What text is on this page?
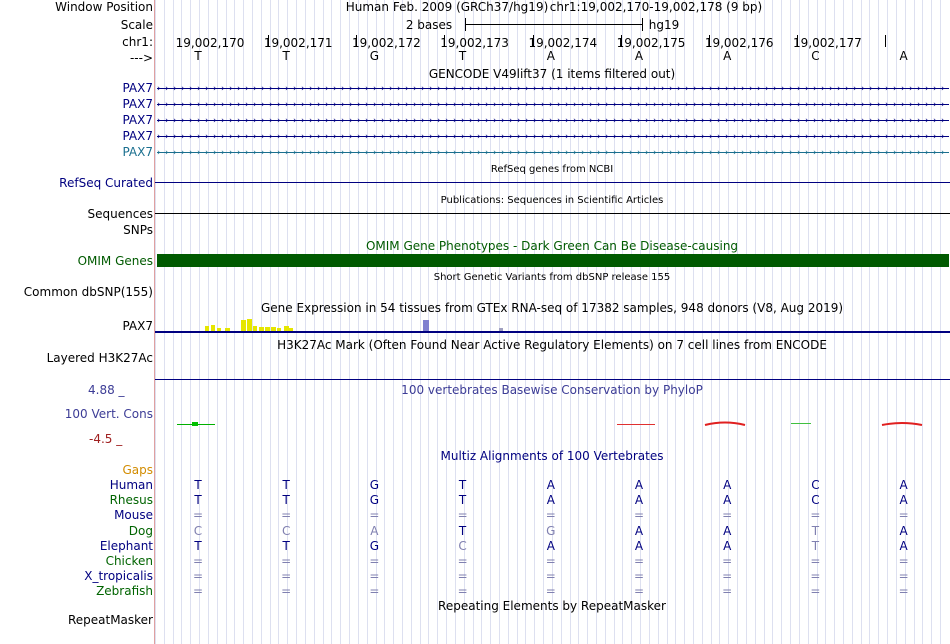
Window Position
Scale
chr1:
--->
Human Feb. 2009 (GRCh37/hg19) chr1:19,002,170-19,002,178 (9 bp)
2 bases	hg19
19,002,170 19,002,171 19,002,172 19,002,173 19,002,174 19,002,175 19,002,176 19,002,177
T	T	G	T	A	A	A	C	A
GENCODE V49lift37 (1 items filtered out)
PAX7 › › › › › › › › › › › › › › › › › › › › › › › › › › › › › › › › › › › › › › › › › › › › › › › › › › › › › › › › › › › › › › › › › › › › › › › › › › › › › › › › › › › › › › › › › › › › › › › › › › ›
PAX7 › › › › › › › › › › › › › › › › › › › › › › › › › › › › › › › › › › › › › › › › › › › › › › › › › › › › › › › › › › › › › › › › › › › › › › › › › › › › › › › › › › › › › › › › › › › › › › › › › › ›
PAX7 › › › › › › › › › › › › › › › › › › › › › › › › › › › › › › › › › › › › › › › › › › › › › › › › › › › › › › › › › › › › › › › › › › › › › › › › › › › › › › › › › › › › › › › › › › › › › › › › › › ›
PAX7 › › › › › › › › › › › › › › › › › › › › › › › › › › › › › › › › › › › › › › › › › › › › › › › › › › › › › › › › › › › › › › › › › › › › › › › › › › › › › › › › › › › › › › › › › › › › › › › › › › ›
PAX7 › › › › › › › › › › › › › › › › › › › › › › › › › › › › › › › › › › › › › › › › › › › › › › › › › › › › › › › › › › › › › › › › › › › › › › › › › › › › › › › › › › › › › › › › › › › › › › › › › › ›
RefSeq genes from NCBI
RefSeq Curated
Publications: Sequences in Scientific Articles
Sequences
SNPs
OMIM Gene Phenotypes - Dark Green Can Be Disease-causing
OMIM Genes
Short Genetic Variants from dbSNP release 155
Common dbSNP(155)
Gene Expression in 54 tissues from GTEx RNA-seq of 17382 samples, 948 donors (V8, Aug 2019)
PAX7
H3K27Ac Mark (Often Found Near Active Regulatory Elements) on 7 cell lines from ENCODE
Layered H3K27Ac
100 vertebrates Basewise Conservation by PhyloP
4.88 _
100 Vert. Cons
-4.5 _
Multiz Alignments of 100 Vertebrates
Gaps
Human	T	T	G	T	A	A	A	C	A
Rhesus	T	T	G	T	A	A	A	C	A
Mouse	=	=	=	=	=	=	=	=	=
Dog	C	C	A	T	G	A	A	T	A
Elephant	T	T	G	C	A	A	A	T	A
Chicken	=	=	=	=	=	=	=	=	=
X_tropicalis	=	=	=	=	=	=	=	=	=
Zebrafish	=	=	=	=	=	=	=	=	=
Repeating Elements by RepeatMasker
RepeatMasker
